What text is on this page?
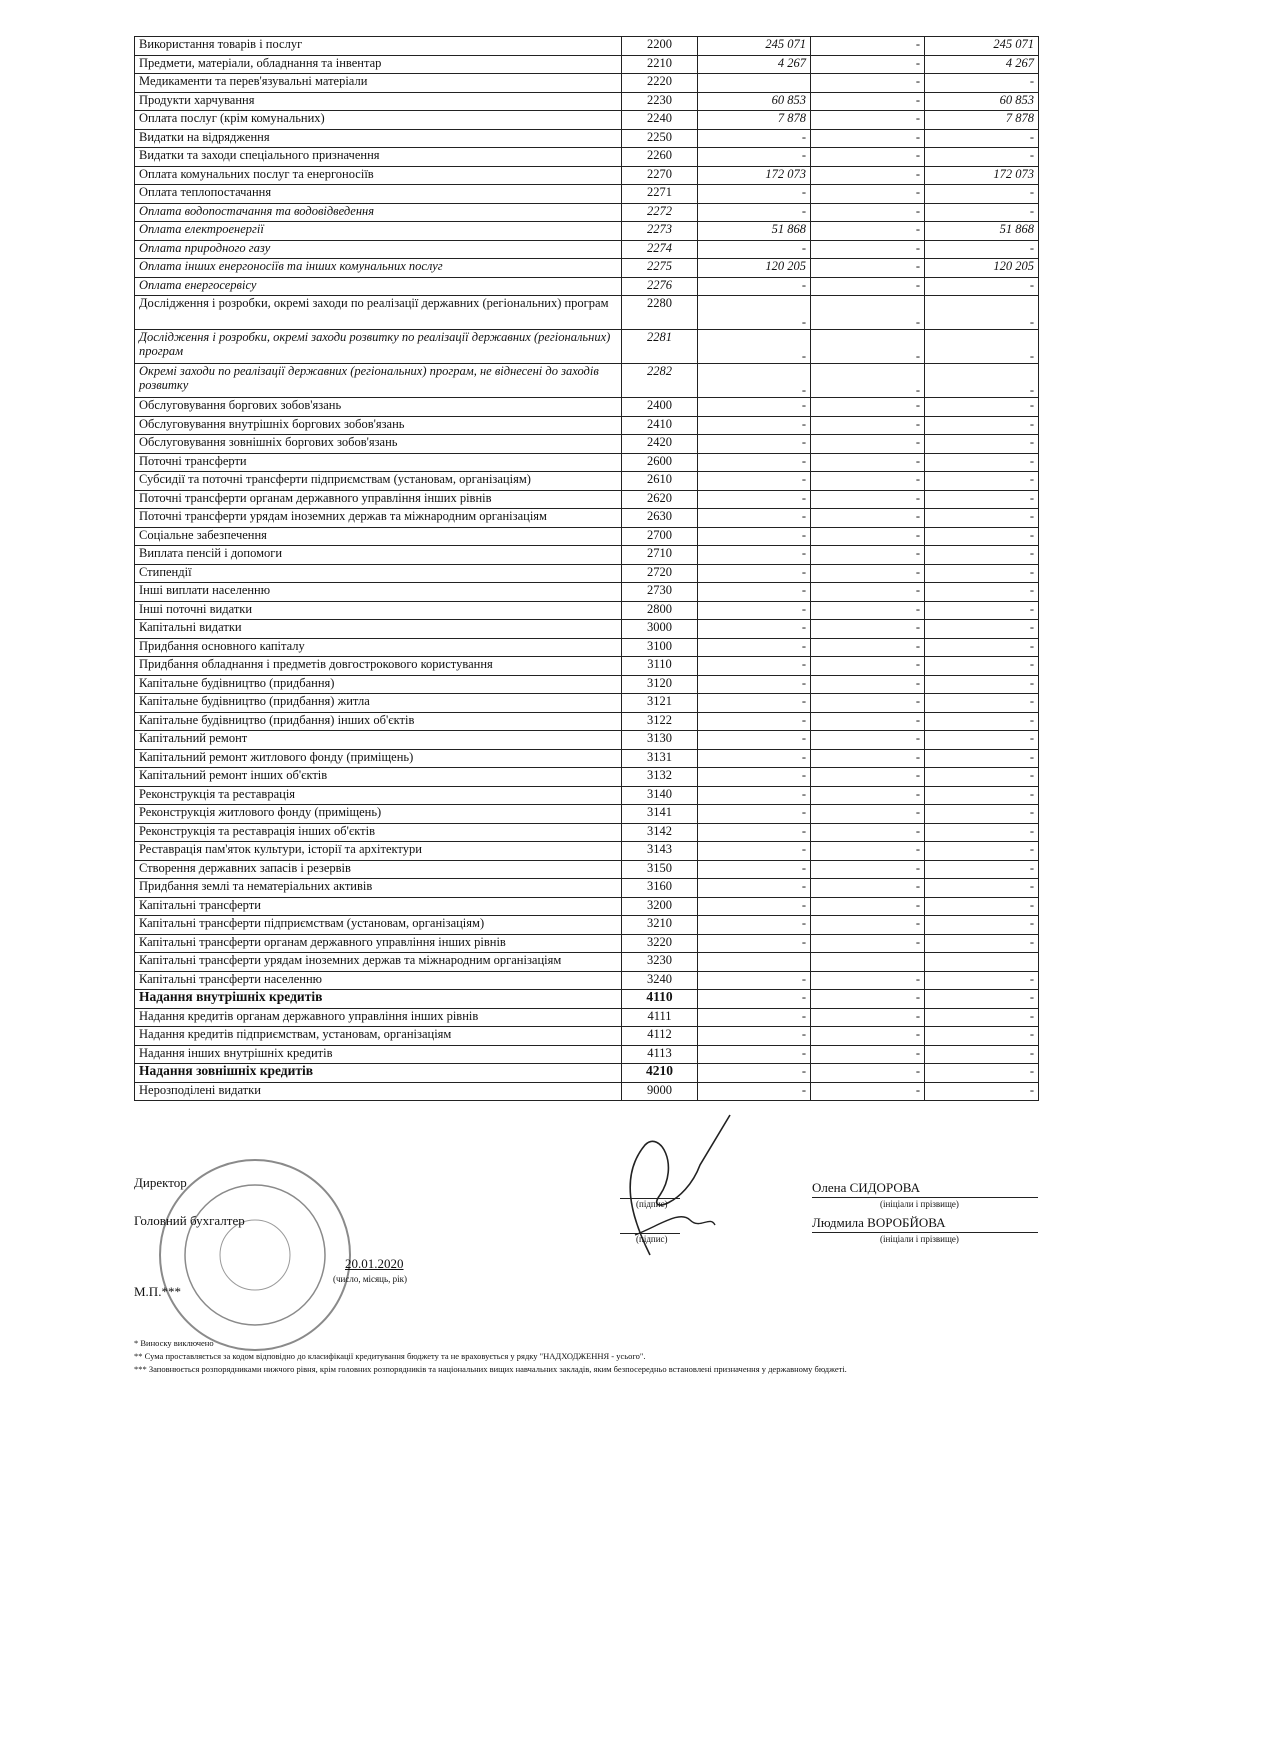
Використання товарів і послуг	2200	245 071	-	245 071
Предмети, матеріали, обладнання та інвентар	2210	4 267	-	4 267
Медикаменти та перев'язувальні матеріали	2220		-	-
Продукти харчування	2230	60 853	-	60 853
Оплата послуг (крім комунальних)	2240	7 878	-	7 878
Видатки на відрядження	2250	-	-	-
Видатки та заходи спеціального призначення	2260	-	-	-
Оплата комунальних послуг та енергоносіїв	2270	172 073	-	172 073
Оплата теплопостачання	2271	-	-	-
Оплата водопостачання та водовідведення	2272	-	-	-
Оплата електроенергії	2273	51 868	-	51 868
Оплата природного газу	2274	-	-	-
Оплата інших енергоносіїв та інших комунальних послуг	2275	120 205	-	120 205
Оплата енергосервісу	2276	-	-	-
Дослідження і розробки, окремі заходи по реалізації державних (регіональних) програм	2280	-	-	-
Дослідження і розробки, окремі заходи розвитку по реалізації державних (регіональних) програм	2281	-	-	-
Окремі заходи по реалізації державних (регіональних) програм, не віднесені до заходів розвитку	2282	-	-	-
Обслуговування боргових зобов'язань	2400	-	-	-
Обслуговування внутрішніх боргових зобов'язань	2410	-	-	-
Обслуговування зовнішніх боргових зобов'язань	2420	-	-	-
Поточні трансферти	2600	-	-	-
Субсидії та поточні трансферти підприємствам (установам, організаціям)	2610	-	-	-
Поточні трансферти органам державного управління інших рівнів	2620	-	-	-
Поточні трансферти урядам іноземних держав та міжнародним організаціям	2630	-	-	-
Соціальне забезпечення	2700	-	-	-
Виплата пенсій і допомоги	2710	-	-	-
Стипендії	2720	-	-	-
Інші виплати населенню	2730	-	-	-
Інші поточні видатки	2800	-	-	-
Капітальні видатки	3000	-	-	-
Придбання основного капіталу	3100	-	-	-
Придбання обладнання і предметів довгострокового користування	3110	-	-	-
Капітальне будівництво (придбання)	3120	-	-	-
Капітальне будівництво (придбання) житла	3121	-	-	-
Капітальне будівництво (придбання) інших об'єктів	3122	-	-	-
Капітальний ремонт	3130	-	-	-
Капітальний ремонт житлового фонду (приміщень)	3131	-	-	-
Капітальний ремонт інших об'єктів	3132	-	-	-
Реконструкція та реставрація	3140	-	-	-
Реконструкція житлового фонду (приміщень)	3141	-	-	-
Реконструкція та реставрація інших об'єктів	3142	-	-	-
Реставрація пам'яток культури, історії та архітектури	3143	-	-	-
Створення державних запасів і резервів	3150	-	-	-
Придбання землі та нематеріальних активів	3160	-	-	-
Капітальні трансферти	3200	-	-	-
Капітальні трансферти підприємствам (установам, організаціям)	3210	-	-	-
Капітальні трансферти органам державного управління інших рівнів	3220	-	-	-
Капітальні трансферти урядам іноземних держав та міжнародним організаціям	3230			
Капітальні трансферти населенню	3240	-	-	-
Надання внутрішніх кредитів	4110	-	-	-
Надання кредитів органам державного управління інших рівнів	4111	-	-	-
Надання кредитів підприємствам, установам, організаціям	4112	-	-	-
Надання інших внутрішніх кредитів	4113	-	-	-
Надання зовнішніх кредитів	4210	-	-	-
Нерозподілені видатки	9000	-	-	-
Директор
Головний бухгалтер
(підпис)
(підпис)
Олена СИДОРОВА
(ініціали і прізвище)
Людмила ВОРОБЙОВА
(ініціали і прізвище)
20.01.2020
(число, місяць, рік)
М.П.***
* Виноску виключено
** Сума проставляється за кодом відповідно до класифікації кредитування бюджету та не враховується у рядку "НАДХОДЖЕННЯ - усього".
*** Заповнюється розпорядниками нижчого рівня, крім головних розпорядників та національних вищих навчальних закладів, яким безпосередньо встановлені призначення у державному бюджеті.
